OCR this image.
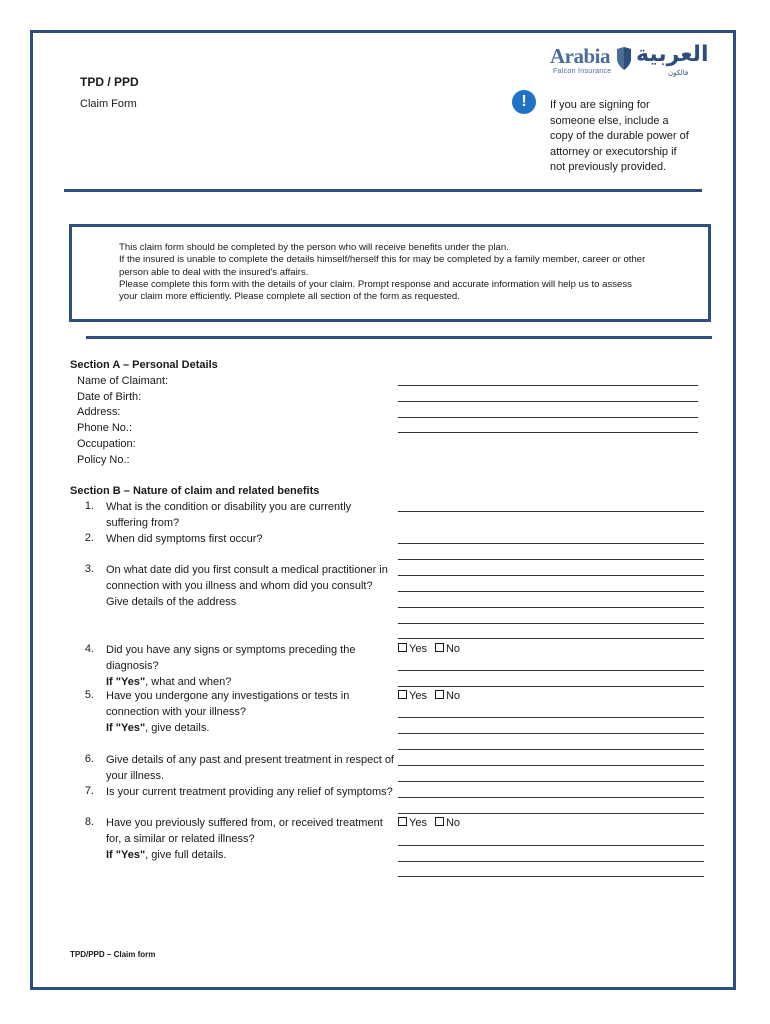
TPD / PPD
Claim Form
Arabia
Falcon Insurance
العربية
فالكون
!	If you are signing for
someone else, include a
copy of the durable power of
attorney or executorship if
not previously provided.
This claim form should be completed by the person who will receive benefits under the plan.
If the insured is unable to complete the details himself/herself this for may be completed by a family member, career or other
person able to deal with the insured's affairs.
Please complete this form with the details of your claim. Prompt response and accurate information will help us to assess
your claim more efficiently. Please complete all section of the form as requested.
Section A – Personal Details
Name of Claimant:
Date of Birth:
Address:
Phone No.:
Occupation:
Policy No.:
Section B – Nature of claim and related benefits
1. What is the condition or disability you are currently suffering from?
2. When did symptoms first occur?
3. On what date did you first consult a medical practitioner in connection with you illness and whom did you consult? Give details of the address
4. Did you have any signs or symptoms preceding the diagnosis?
If "Yes", what and when?
5. Have you undergone any investigations or tests in connection with your illness?
If "Yes", give details.
6. Give details of any past and present treatment in respect of your illness.
7. Is your current treatment providing any relief of symptoms?
8. Have you previously suffered from, or received treatment for, a similar or related illness?
If "Yes", give full details.
Yes No
Yes No
Yes No
TPD/PPD – Claim form
